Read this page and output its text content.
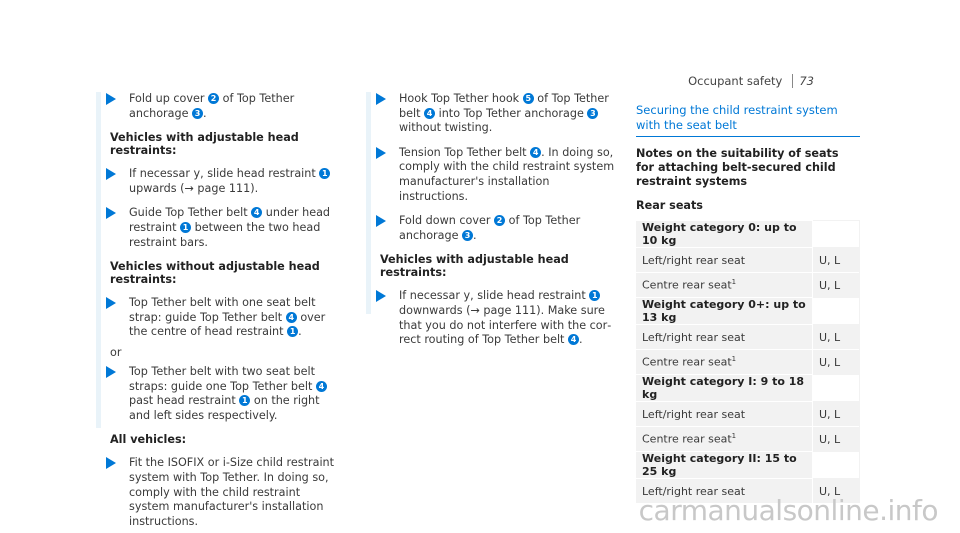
Occupant safety 73
Fold up cover 2 of Top Tether anchorage 3 .
Vehicles with adjustable head restraints:
If necessar y, slide head restraint 1 upwards (→ page 111).
Guide Top Tether belt 4 under head restraint 1 between the two head restraint bars.
Vehicles without adjustable head restraints:
Top Tether belt with one seat belt strap: guide Top Tether belt 4 over the centre of head restraint 1 .
or
Top Tether belt with two seat belt straps: guide one Top Tether belt 4 past head restraint 1 on the right and left sides respectively.
All vehicles:
Fit the ISOFIX or i-Size child restraint system with Top Tether. In doing so, comply with the child restraint system manufacturer's installation instructions.
Hook Top Tether hook 5 of Top Tether belt 4 into Top Tether anchorage 3 without twisting.
Tension Top Tether belt 4 . In doing so, comply with the child restraint system manufacturer's installation instructions.
Fold down cover 2 of Top Tether anchorage 3 .
Vehicles with adjustable head restraints:
If necessar y, slide head restraint 1 downwards (→ page 111). Make sure that you do not interfere with the correct routing of Top Tether belt 4 .
Securing the child restraint system with the seat belt
Notes on the suitability of seats for attaching belt-secured child restraint systems
Rear seats
Weight category 0: up to 10 kg	
Left/right rear seat	U, L
Centre rear seat$^1$	U, L
Weight category 0+: up to 13 kg	
Left/right rear seat	U, L
Centre rear seat$^1$	U, L
Weight category I: 9 to 18 kg	
Left/right rear seat	U, L
Centre rear seat$^1$	U, L
Weight category II: 15 to 25 kg	
Left/right rear seat	U, L
carmanualsonline.info
